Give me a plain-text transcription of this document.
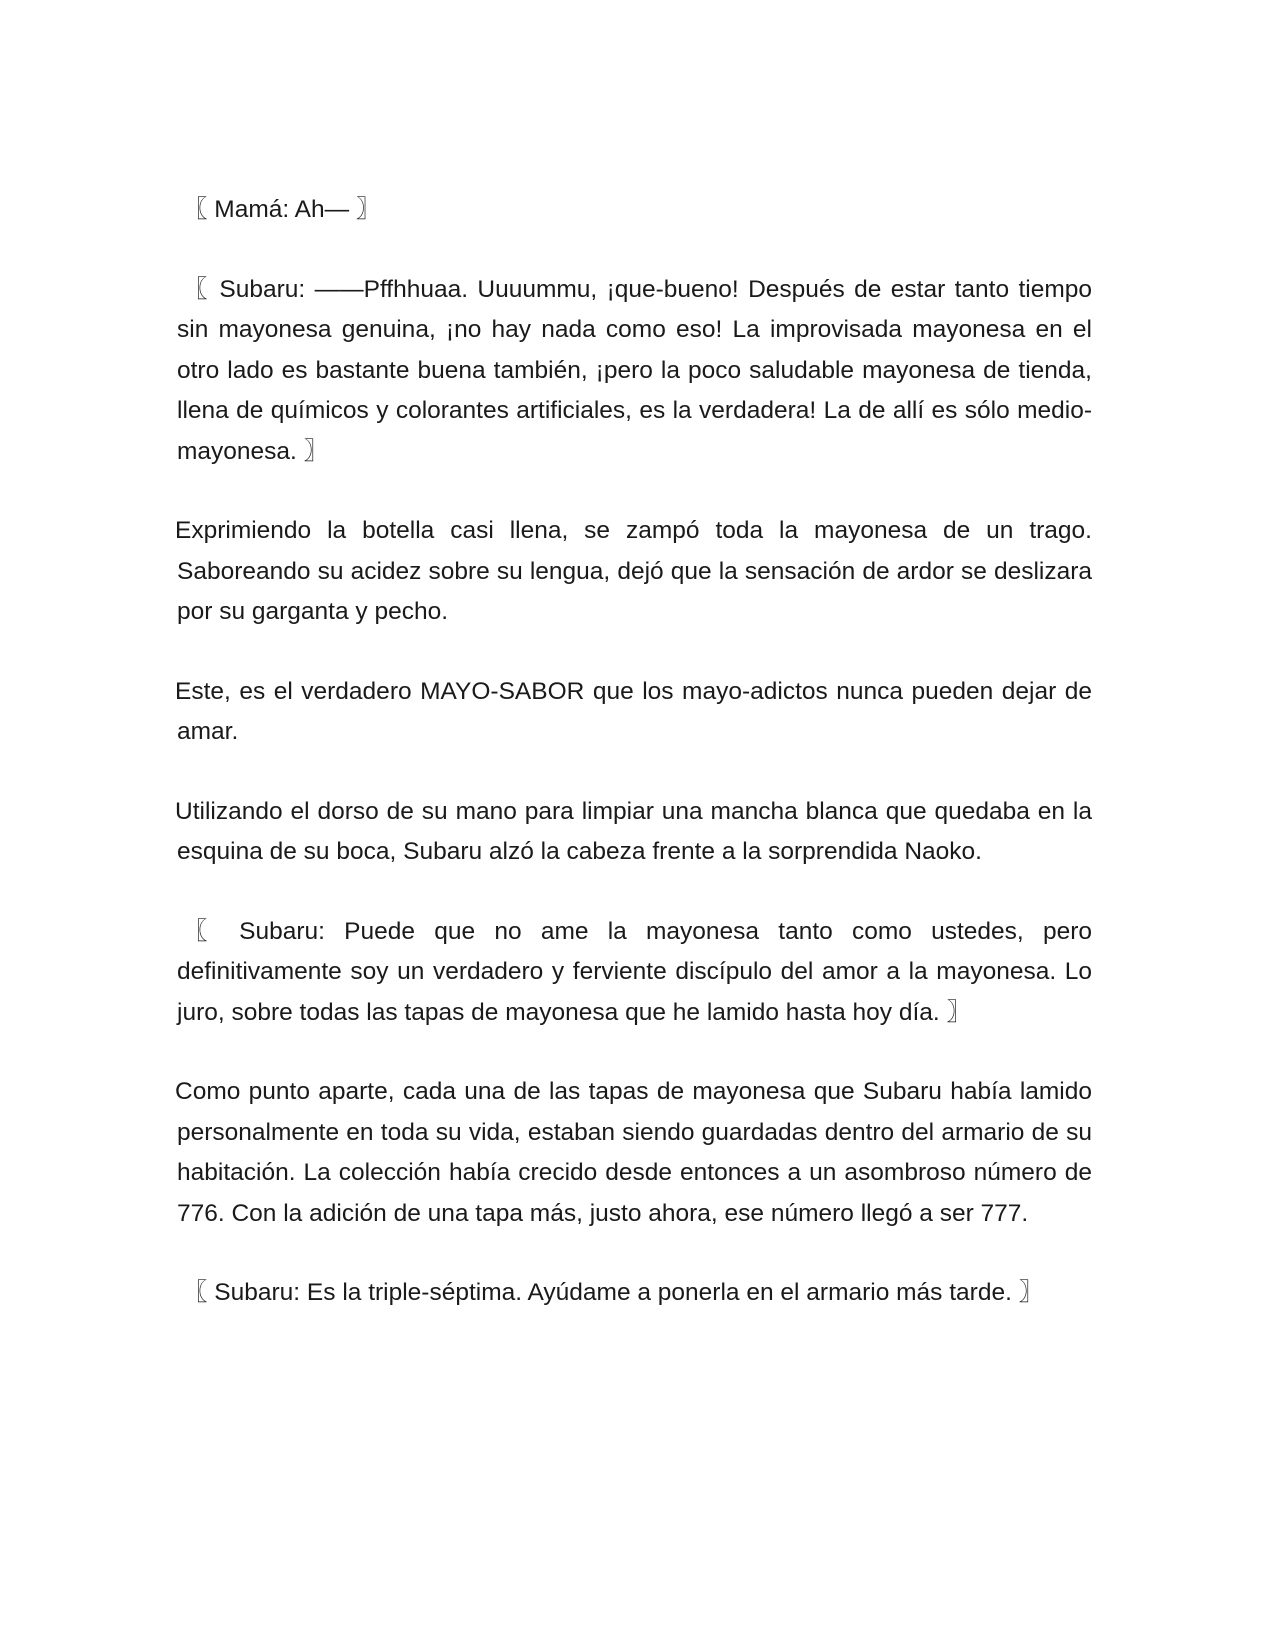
〖 Mamá: Ah— 〗

〖 Subaru: ——Pffhhuaa. Uuuummu, ¡que-bueno! Después de estar tanto tiempo sin mayonesa genuina, ¡no hay nada como eso! La improvisada mayonesa en el otro lado es bastante buena también, ¡pero la poco saludable mayonesa de tienda, llena de químicos y colorantes artificiales, es la verdadera! La de allí es sólo medio-mayonesa. 〗

Exprimiendo la botella casi llena, se zampó toda la mayonesa de un trago. Saboreando su acidez sobre su lengua, dejó que la sensación de ardor se deslizara por su garganta y pecho.

Este, es el verdadero MAYO-SABOR que los mayo-adictos nunca pueden dejar de amar.

Utilizando el dorso de su mano para limpiar una mancha blanca que quedaba en la esquina de su boca, Subaru alzó la cabeza frente a la sorprendida Naoko.

〖 Subaru: Puede que no ame la mayonesa tanto como ustedes, pero definitivamente soy un verdadero y ferviente discípulo del amor a la mayonesa. Lo juro, sobre todas las tapas de mayonesa que he lamido hasta hoy día. 〗

Como punto aparte, cada una de las tapas de mayonesa que Subaru había lamido personalmente en toda su vida, estaban siendo guardadas dentro del armario de su habitación. La colección había crecido desde entonces a un asombroso número de 776. Con la adición de una tapa más, justo ahora, ese número llegó a ser 777.

〖 Subaru: Es la triple-séptima. Ayúdame a ponerla en el armario más tarde. 〗
